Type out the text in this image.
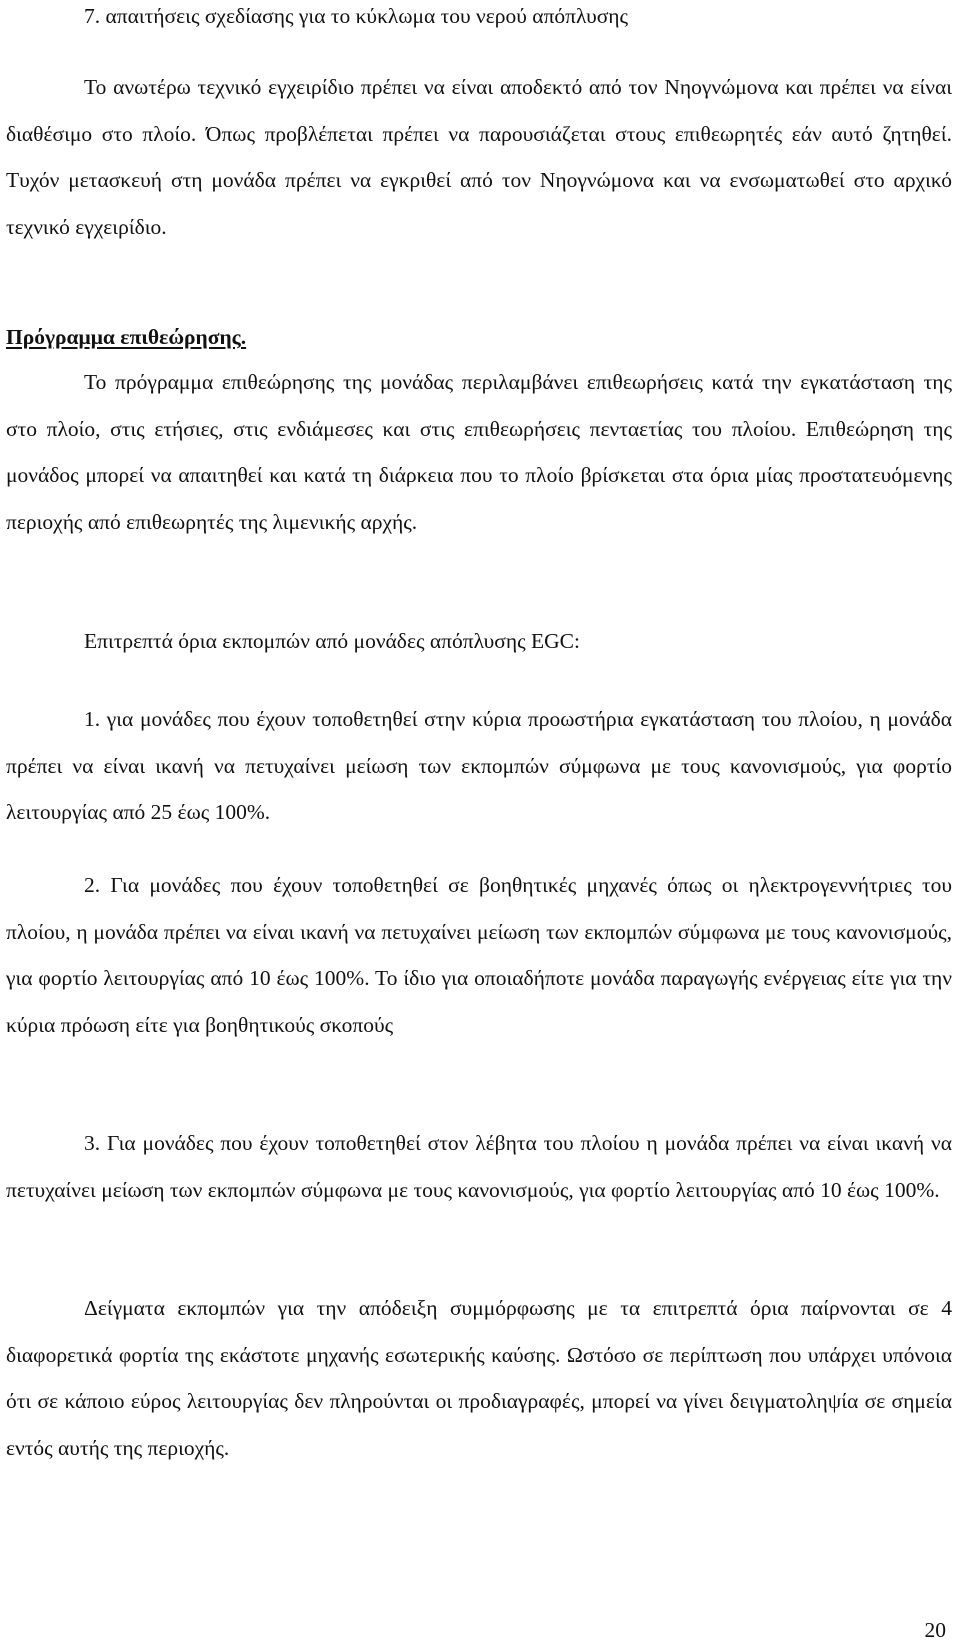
7. απαιτήσεις σχεδίασης για το κύκλωμα του νερού απόπλυσης

Το ανωτέρω τεχνικό εγχειρίδιο πρέπει να είναι αποδεκτό από τον Νηογνώμονα και πρέπει να είναι διαθέσιμο στο πλοίο. Όπως προβλέπεται πρέπει να παρουσιάζεται στους επιθεωρητές εάν αυτό ζητηθεί. Τυχόν μετασκευή στη μονάδα πρέπει να εγκριθεί από τον Νηογνώμονα και να ενσωματωθεί στο αρχικό τεχνικό εγχειρίδιο.

Πρόγραμμα επιθεώρησης.

Το πρόγραμμα επιθεώρησης της μονάδας περιλαμβάνει επιθεωρήσεις κατά την εγκατάσταση της στο πλοίο, στις ετήσιες, στις ενδιάμεσες και στις επιθεωρήσεις πενταετίας του πλοίου. Επιθεώρηση της μονάδος μπορεί να απαιτηθεί και κατά τη διάρκεια που το πλοίο βρίσκεται στα όρια μίας προστατευόμενης περιοχής από επιθεωρητές της λιμενικής αρχής.

Επιτρεπτά όρια εκπομπών από μονάδες απόπλυσης EGC:

1. για μονάδες που έχουν τοποθετηθεί στην κύρια προωστήρια εγκατάσταση του πλοίου, η μονάδα πρέπει να είναι ικανή να πετυχαίνει μείωση των εκπομπών σύμφωνα με τους κανονισμούς, για φορτίο λειτουργίας από 25 έως 100%.

2. Για μονάδες που έχουν τοποθετηθεί σε βοηθητικές μηχανές όπως οι ηλεκτρογεννήτριες του πλοίου, η μονάδα πρέπει να είναι ικανή να πετυχαίνει μείωση των εκπομπών σύμφωνα με τους κανονισμούς, για φορτίο λειτουργίας από 10 έως 100%. Το ίδιο για οποιαδήποτε μονάδα παραγωγής ενέργειας είτε για την κύρια πρόωση είτε για βοηθητικούς σκοπούς

3. Για μονάδες που έχουν τοποθετηθεί στον λέβητα του πλοίου η μονάδα πρέπει να είναι ικανή να πετυχαίνει μείωση των εκπομπών σύμφωνα με τους κανονισμούς, για φορτίο λειτουργίας από 10 έως 100%.

Δείγματα εκπομπών για την απόδειξη συμμόρφωσης με τα επιτρεπτά όρια παίρνονται σε 4 διαφορετικά φορτία της εκάστοτε μηχανής εσωτερικής καύσης. Ωστόσο σε περίπτωση που υπάρχει υπόνοια ότι σε κάποιο εύρος λειτουργίας δεν πληρούνται οι προδιαγραφές, μπορεί να γίνει δειγματοληψία σε σημεία εντός αυτής της περιοχής.

20
